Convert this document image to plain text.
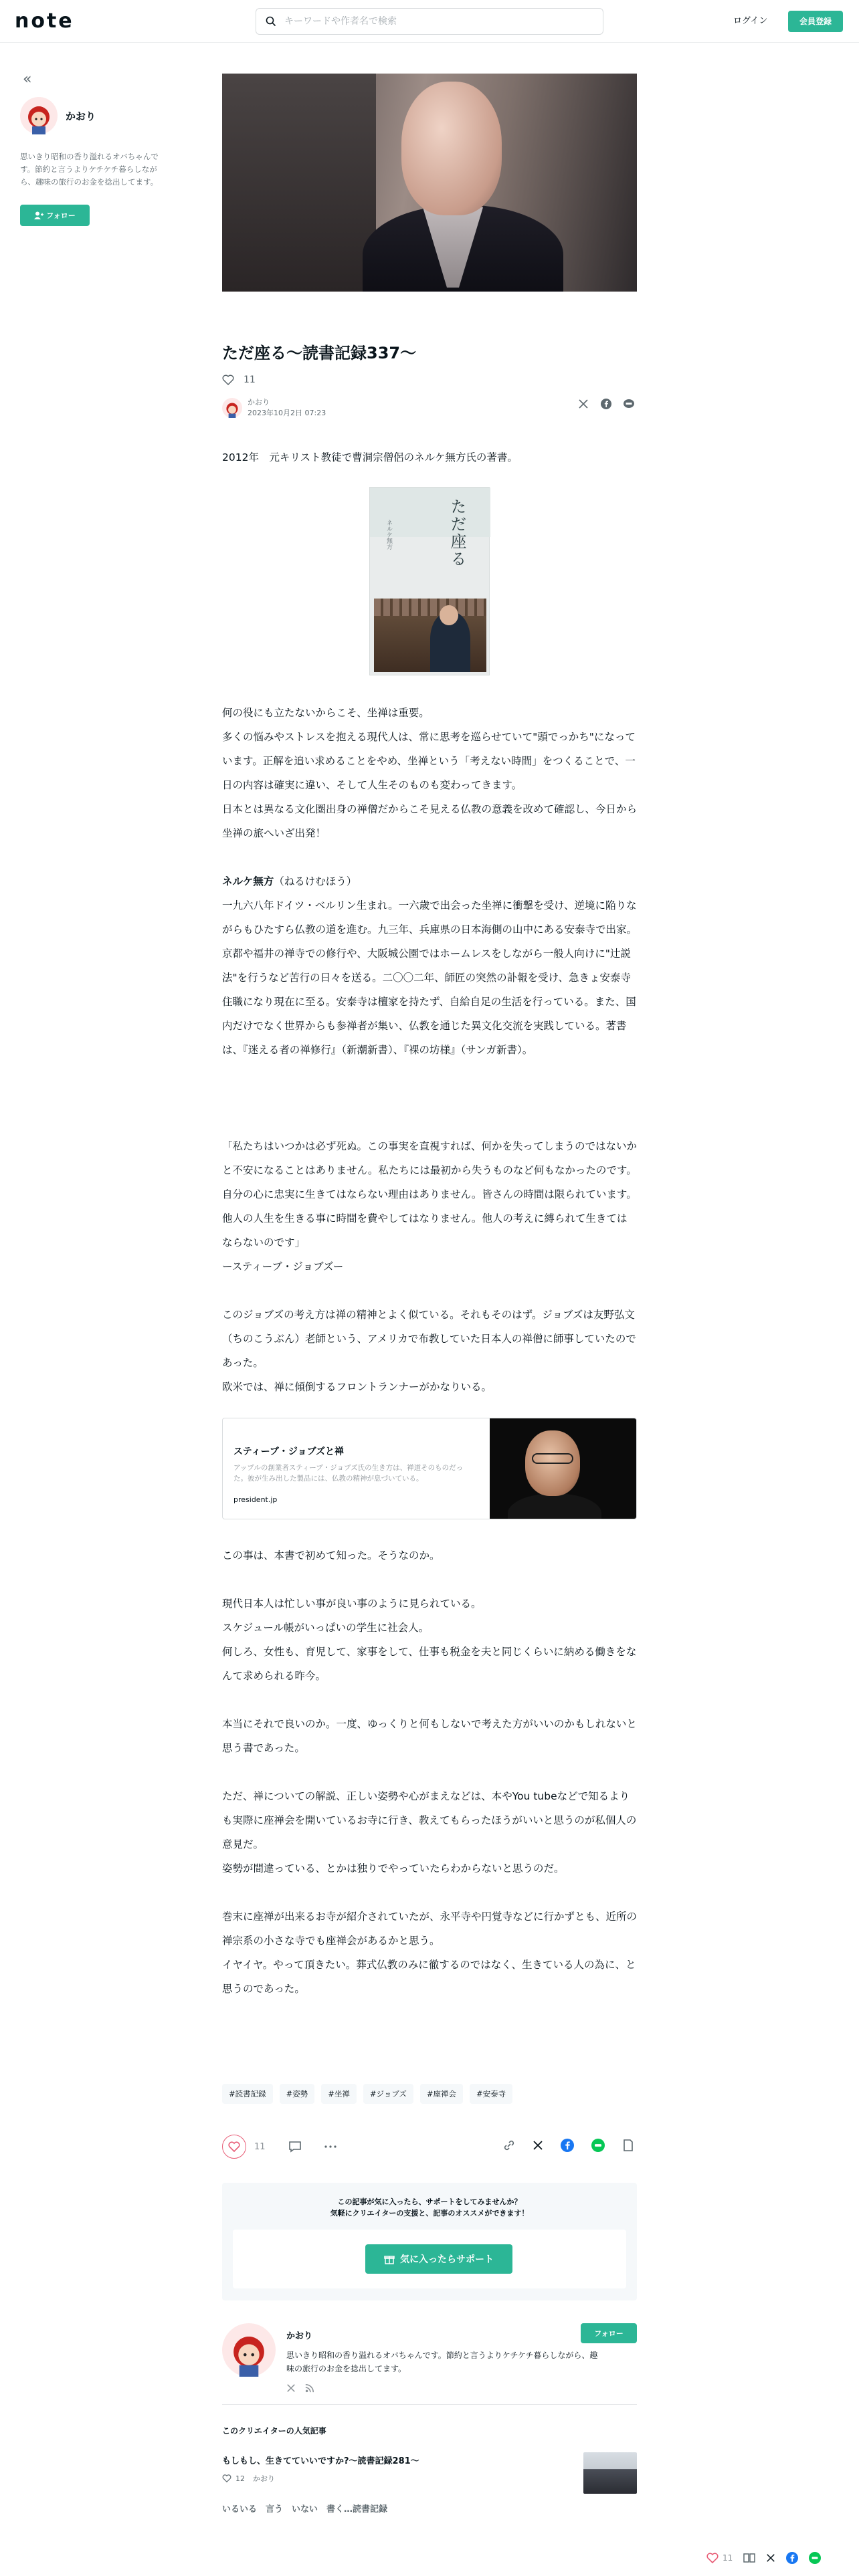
note
キーワードや作者名で検索	ログイン	会員登録
«
かおり
思いきり昭和の香り溢れるオバちゃんです。節約と言うよりケチケチ暮らしながら、趣味の旅行のお金を捻出してます。
フォロー
ただ座る〜読書記録337〜
11
かおり
2023年10月2日 07:23

2012年　元キリスト教徒で曹洞宗僧侶のネルケ無方氏の著書。

ただ座る
ネルケ無方

何の役にも立たないからこそ、坐禅は重要。

多くの悩みやストレスを抱える現代人は、常に思考を巡らせていて"頭でっかち"になっています。正解を追い求めることをやめ、坐禅という「考えない時間」をつくることで、一日の内容は確実に違い、そして人生そのものも変わってきます。

日本とは異なる文化圏出身の禅僧だからこそ見える仏教の意義を改めて確認し、今日から坐禅の旅へいざ出発！

ネルケ無方（ねるけむほう）

一九六八年ドイツ・ベルリン生まれ。一六歳で出会った坐禅に衝撃を受け、逆境に陥りながらもひたすら仏教の道を進む。九三年、兵庫県の日本海側の山中にある安泰寺で出家。京都や福井の禅寺での修行や、大阪城公園ではホームレスをしながら一般人向けに"辻説法"を行うなど苦行の日々を送る。二〇〇二年、師匠の突然の訃報を受け、急きょ安泰寺住職になり現在に至る。安泰寺は檀家を持たず、自給自足の生活を行っている。また、国内だけでなく世界からも参禅者が集い、仏教を通じた異文化交流を実践している。著書は、『迷える者の禅修行』（新潮新書）、『裸の坊様』（サンガ新書）。

「私たちはいつかは必ず死ぬ。この事実を直視すれば、何かを失ってしまうのではないかと不安になることはありません。私たちには最初から失うものなど何もなかったのです。自分の心に忠実に生きてはならない理由はありません。皆さんの時間は限られています。他人の人生を生きる事に時間を費やしてはなりません。他人の考えに縛られて生きてはならないのです」

ースティーブ・ジョブズー

このジョブズの考え方は禅の精神とよく似ている。それもそのはず。ジョブズは友野弘文（ちのこうぶん）老師という、アメリカで布教していた日本人の禅僧に師事していたのであった。

欧米では、禅に傾倒するフロントランナーがかなりいる。

スティーブ・ジョブズと禅
アップルの創業者スティーブ・ジョブズ氏の生き方は、禅道そのものだった。彼が生み出した製品には、仏教の精神が息づいている。
president.jp

この事は、本書で初めて知った。そうなのか。

現代日本人は忙しい事が良い事のように見られている。

スケジュール帳がいっぱいの学生に社会人。

何しろ、女性も、育児して、家事をして、仕事も税金を夫と同じくらいに納める働きをなんて求められる昨今。

本当にそれで良いのか。一度、ゆっくりと何もしないで考えた方がいいのかもしれないと思う書であった。

ただ、禅についての解説、正しい姿勢や心がまえなどは、本やYou tubeなどで知るよりも実際に座禅会を開いているお寺に行き、教えてもらったほうがいいと思うのが私個人の意見だ。

姿勢が間違っている、とかは独りでやっていたらわからないと思うのだ。

巻末に座禅が出来るお寺が紹介されていたが、永平寺や円覚寺などに行かずとも、近所の禅宗系の小さな寺でも座禅会があるかと思う。

イヤイヤ。やって頂きたい。葬式仏教のみに徹するのではなく、生きている人の為に、と思うのであった。

#読書記録	#姿勢	#坐禅	#ジョブズ	#座禅会	#安泰寺
11
この記事が気に入ったら、サポートをしてみませんか？
気軽にクリエイターの支援と、記事のオススメができます！
気に入ったらサポート
かおり
思いきり昭和の香り溢れるオバちゃんです。節約と言うよりケチケチ暮らしながら、趣味の旅行のお金を捻出してます。
フォロー
このクリエイターの人気記事
もしもし、生きてていいですか?〜読書記録281〜
12 かおり
いるいる　言う　いない　書く…読書記録
11
